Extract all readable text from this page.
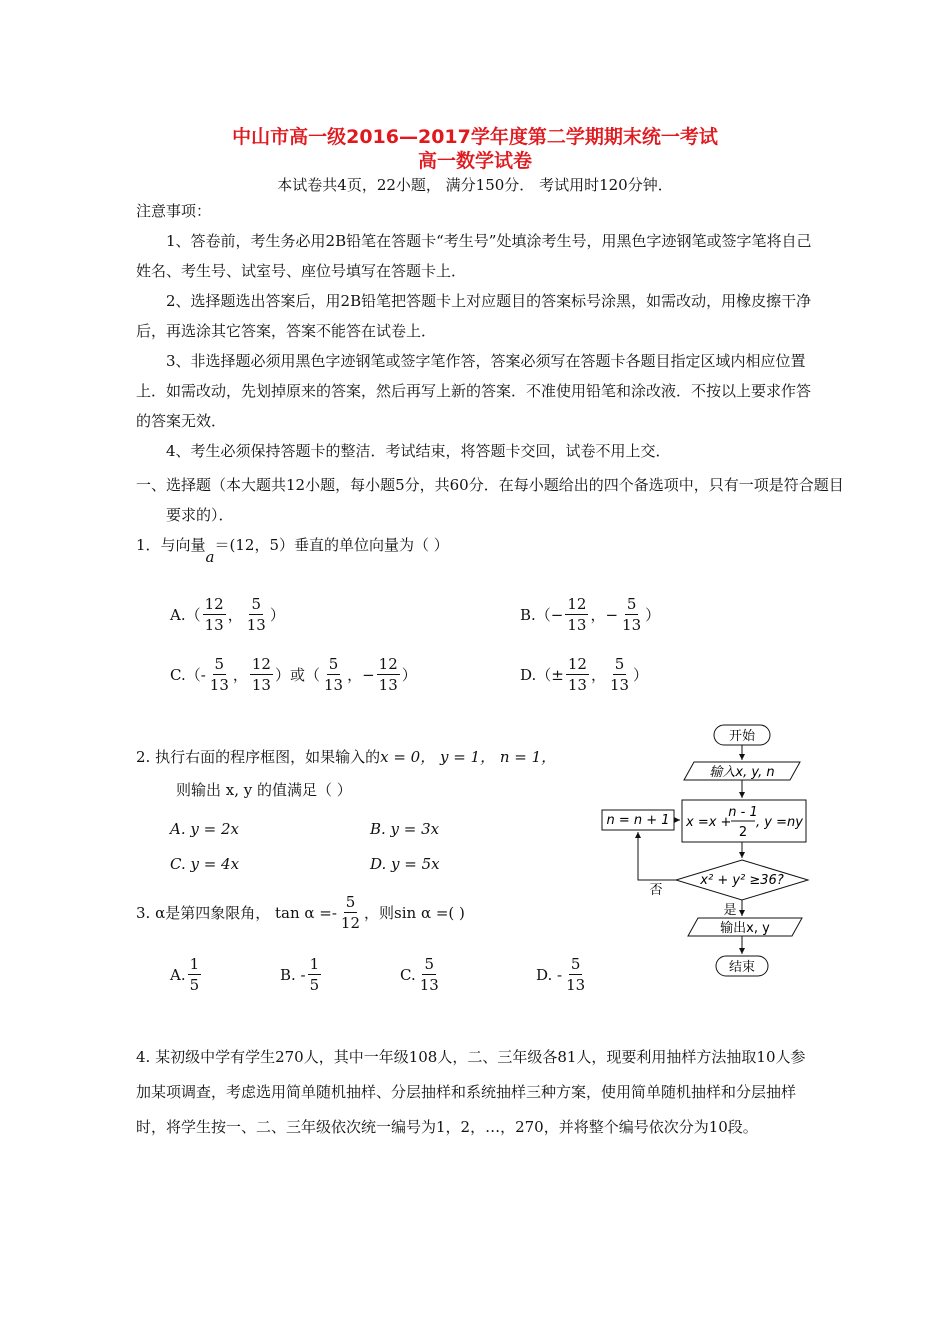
中山市高一级2016—2017学年度第二学期期末统一考试
高一数学试卷
本试卷共4页，22小题， 满分150分． 考试用时120分钟．
注意事项：
1、答卷前，考生务必用2B铅笔在答题卡“考生号”处填涂考生号，用黑色字迹钢笔或签字笔将自己姓名、考生号、试室号、座位号填写在答题卡上．
2、选择题选出答案后，用2B铅笔把答题卡上对应题目的答案标号涂黑，如需改动，用橡皮擦干净后，再选涂其它答案，答案不能答在试卷上．
3、非选择题必须用黑色字迹钢笔或签字笔作答，答案必须写在答题卡各题目指定区域内相应位置上．如需改动，先划掉原来的答案，然后再写上新的答案．不准使用铅笔和涂改液．不按以上要求作答的答案无效．
4、考生必须保持答题卡的整洁．考试结束，将答题卡交回，试卷不用上交．
一、选择题（本大题共12小题，每小题5分，共60分．在每小题给出的四个备选项中，只有一项是符合题目要求的）．
1．与向量a＝(12，5）垂直的单位向量为（ ）
$A.( \frac{12}{13}$ ， $\frac{5}{13}$ ）	$B.(- \frac{12}{13}$ ，− $\frac{5}{13}$ ）
$C.(- \frac{5}{13}$ ， $\frac{12}{13}$ ）或（ $\frac{5}{13}$ ，− $\frac{12}{13}$ ）	$D.(\pm \frac{12}{13}$ ， $\frac{5}{13}$ ）
2. 执行右面的程序框图，如果输入的x = 0， y = 1， n = 1，
则输出 x, y 的值满足（ ）
A. y = 2x	B. y = 3x
C. y = 4x	D. y = 5x
开始
输入x, y, n
x =x +
n - 1
2
, y =ny
x² + y² ≥36?
n = n + 1
否
是
输出x, y
结束
3. α是第四象限角， $\tan \alpha =- \frac{5}{12}$ ，则sin α =( )
A. $\frac{1}{5}$	B. - $\frac{1}{5}$	C. $\frac{5}{13}$	D. - $\frac{5}{13}$
4. 某初级中学有学生270人，其中一年级108人，二、三年级各81人，现要利用抽样方法抽取10人参加某项调查，考虑选用简单随机抽样、分层抽样和系统抽样三种方案，使用简单随机抽样和分层抽样时，将学生按一、二、三年级依次统一编号为1，2，…，270，并将整个编号依次分为10段。
